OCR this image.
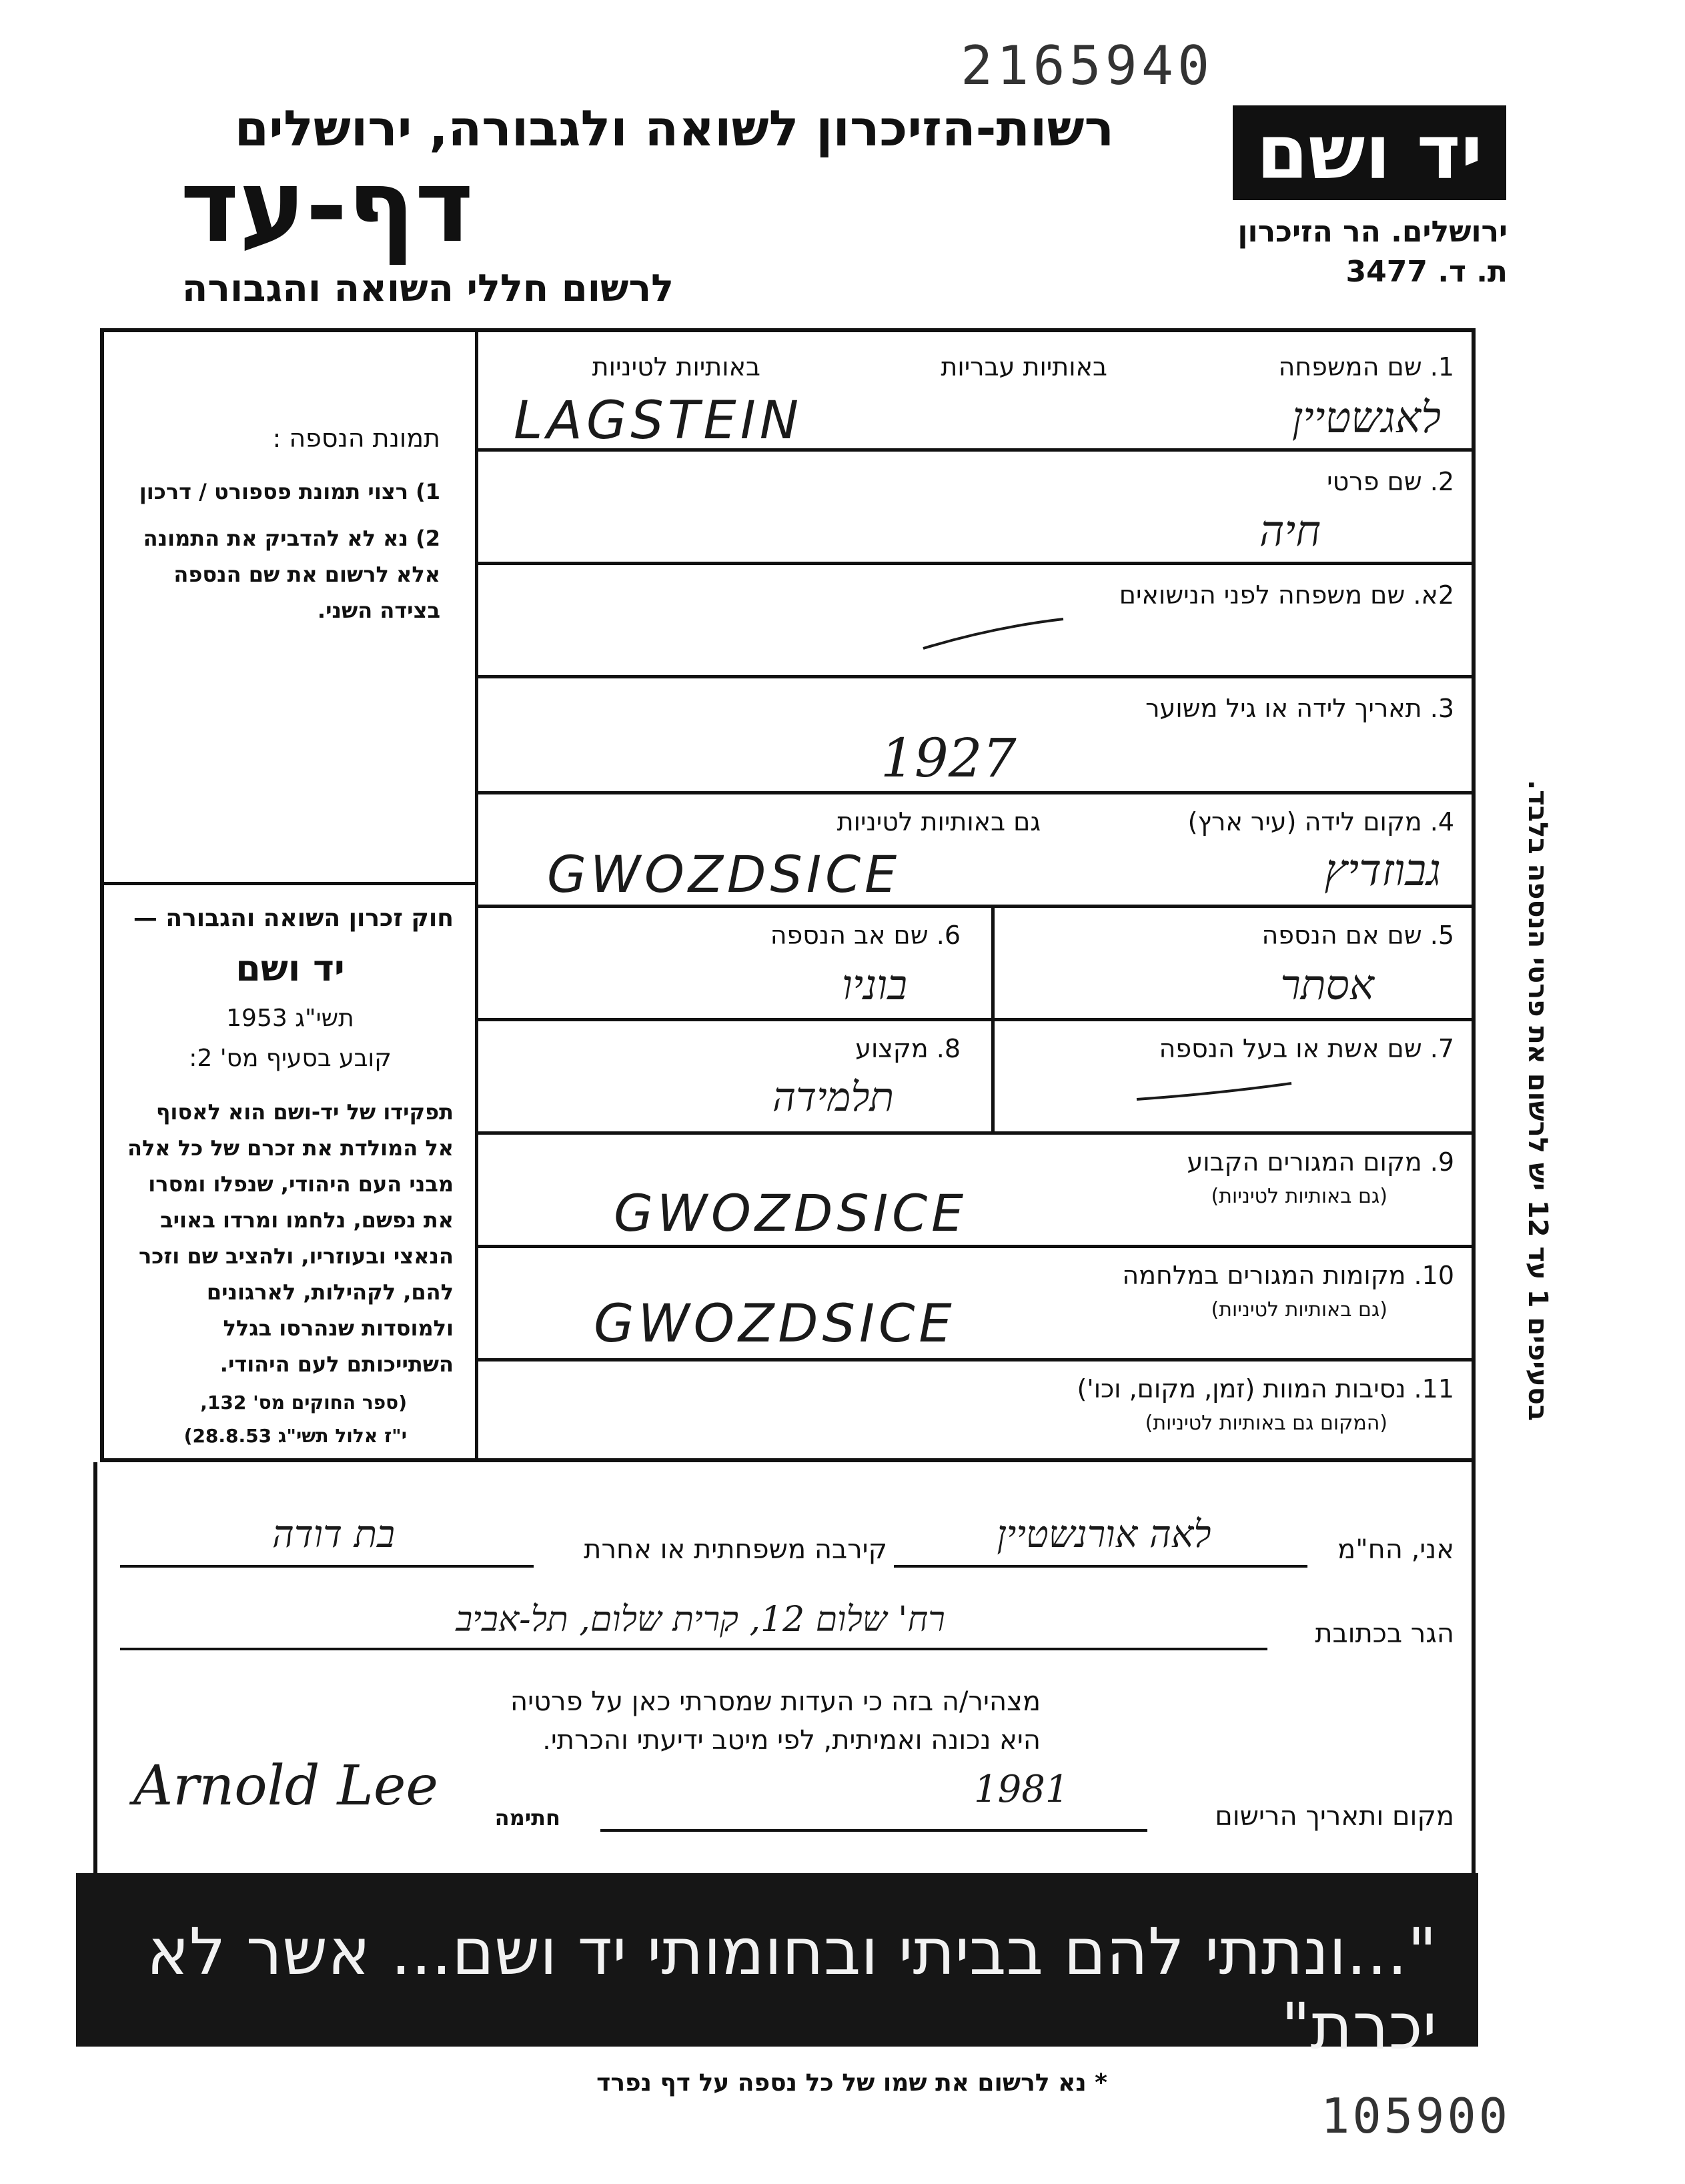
2165940
רשות-הזיכרון לשואה ולגבורה, ירושלים
דף-עד
לרשום חללי השואה והגבורה
יד ושם
ירושלים. הר הזיכרון
ת. ד. 3477
1. שם המשפחה
באותיות עבריות
באותיות לטיניות
לאגשטיין
LAGSTEIN
2. שם פרטי
חיה
2א. שם משפחה לפני הנישואים
3. תאריך לידה או גיל משוער
1927
4. מקום לידה (עיר ארץ)
גם באותיות לטיניות
גבוזדיץ
GWOZDSICE
5. שם אם הנספה
אסתר
6. שם אב הנספה
בוניו
7. שם אשת או בעל הנספה
8. מקצוע
תלמידה
9. מקום המגורים הקבוע
(גם באותיות לטיניות)
GWOZDSICE
10. מקומות המגורים במלחמה
(גם באותיות לטיניות)
GWOZDSICE
11. נסיבות המוות (זמן, מקום, וכו')
(המקום גם באותיות לטיניות)
תמונת הנספה :
1) רצוי תמונת פספורט / דרכון
2) נא לא להדביק את התמונה אלא לרשום את שם הנספה בצידה השני.
חוק זכרון השואה והגבורה —
יד ושם
תשי"ג 1953
קובע בסעיף מס' 2:
תפקידו של יד-ושם הוא לאסוף אל המולדת את זכרם של כל אלה מבני העם היהודי, שנפלו ומסרו את נפשם, נלחמו ומרדו באויב הנאצי ובעוזריו, ולהציב שם וזכר להם, לקהילות, לארגונים ולמוסדות שנהרסו בגלל השתייכותם לעם היהודי.
(ספר החוקים מס' 132,
י"ז אלול תשי"ג 28.8.53)
אני, הח"מ
לאה אורנשטיין
קירבה משפחתית או אחרת
בת דודה
הגר בכתובת
רח' שלום 12, קרית שלום, תל-אביב
מצהיר/ה בזה כי העדות שמסרתי כאן על פרטיה
היא נכונה ואמיתית, לפי מיטב ידיעתי והכרתי.
מקום ותאריך הרישום
1981
חתימה
Arnold Lee
"...ונתתי להם בביתי ובחומותי יד ושם... אשר לא יכרת"
בסעיפים 1 עד 12 יש לרשום את פרטי הנספה בלבד.
* נא לרשום את שמו של כל נספה על דף נפרד
105900
